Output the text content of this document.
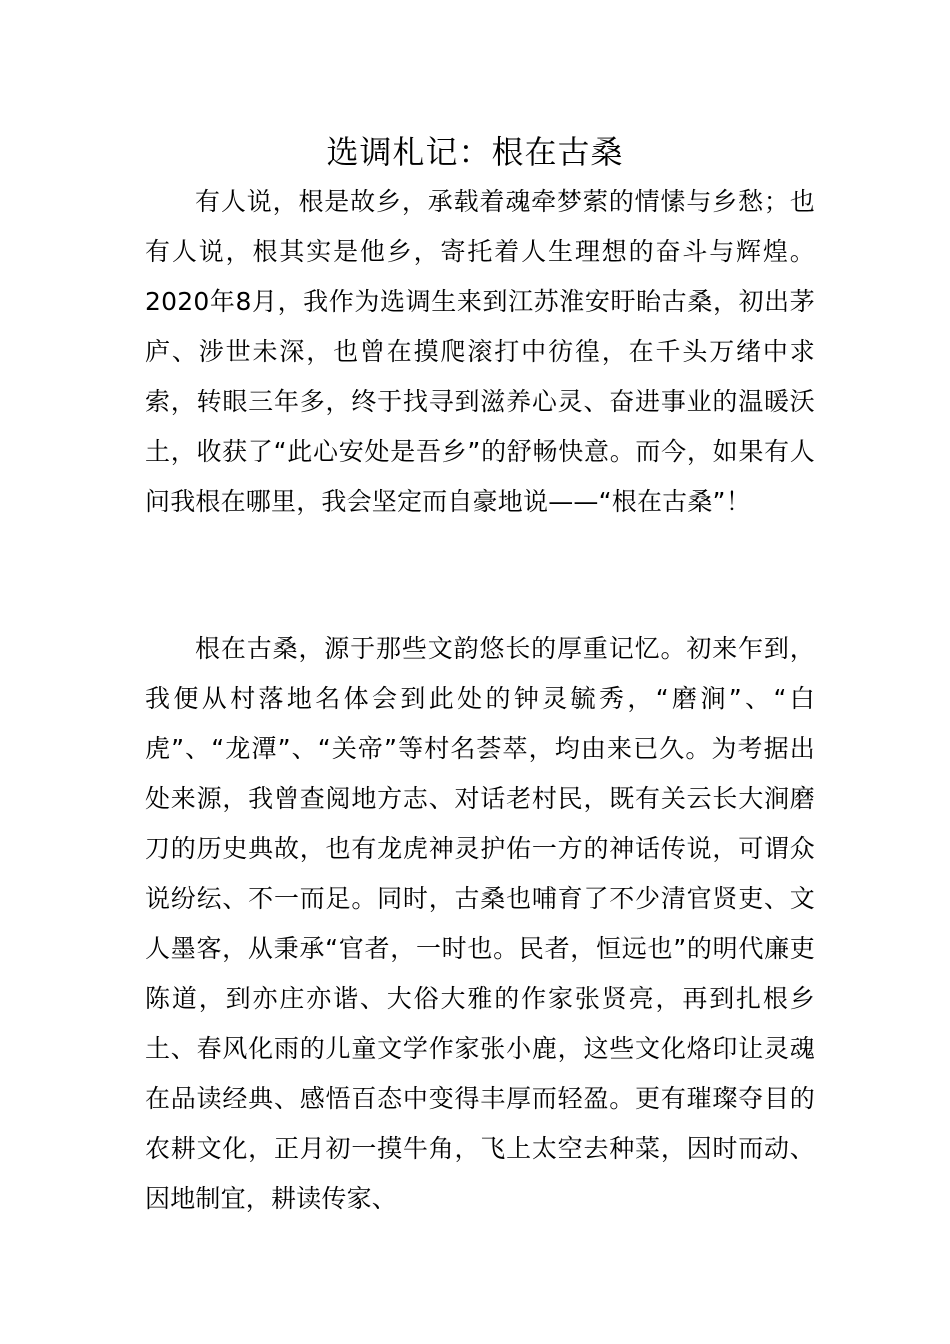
选调札记：根在古桑

有人说，根是故乡，承载着魂牵梦萦的情愫与乡愁；也有人说，根其实是他乡，寄托着人生理想的奋斗与辉煌。2020年8月，我作为选调生来到江苏淮安盱眙古桑，初出茅庐、涉世未深，也曾在摸爬滚打中彷徨，在千头万绪中求索，转眼三年多，终于找寻到滋养心灵、奋进事业的温暖沃土，收获了“此心安处是吾乡”的舒畅快意。而今，如果有人问我根在哪里，我会坚定而自豪地说——“根在古桑”！

根在古桑，源于那些文韵悠长的厚重记忆。初来乍到，我便从村落地名体会到此处的钟灵毓秀，“磨涧”、“白虎”、“龙潭”、“关帝”等村名荟萃，均由来已久。为考据出处来源，我曾查阅地方志、对话老村民，既有关云长大涧磨刀的历史典故，也有龙虎神灵护佑一方的神话传说，可谓众说纷纭、不一而足。同时，古桑也哺育了不少清官贤吏、文人墨客，从秉承“官者，一时也。民者，恒远也”的明代廉吏陈道，到亦庄亦谐、大俗大雅的作家张贤亮，再到扎根乡土、春风化雨的儿童文学作家张小鹿，这些文化烙印让灵魂在品读经典、感悟百态中变得丰厚而轻盈。更有璀璨夺目的农耕文化，正月初一摸牛角，飞上太空去种菜，因时而动、因地制宜，耕读传家、
